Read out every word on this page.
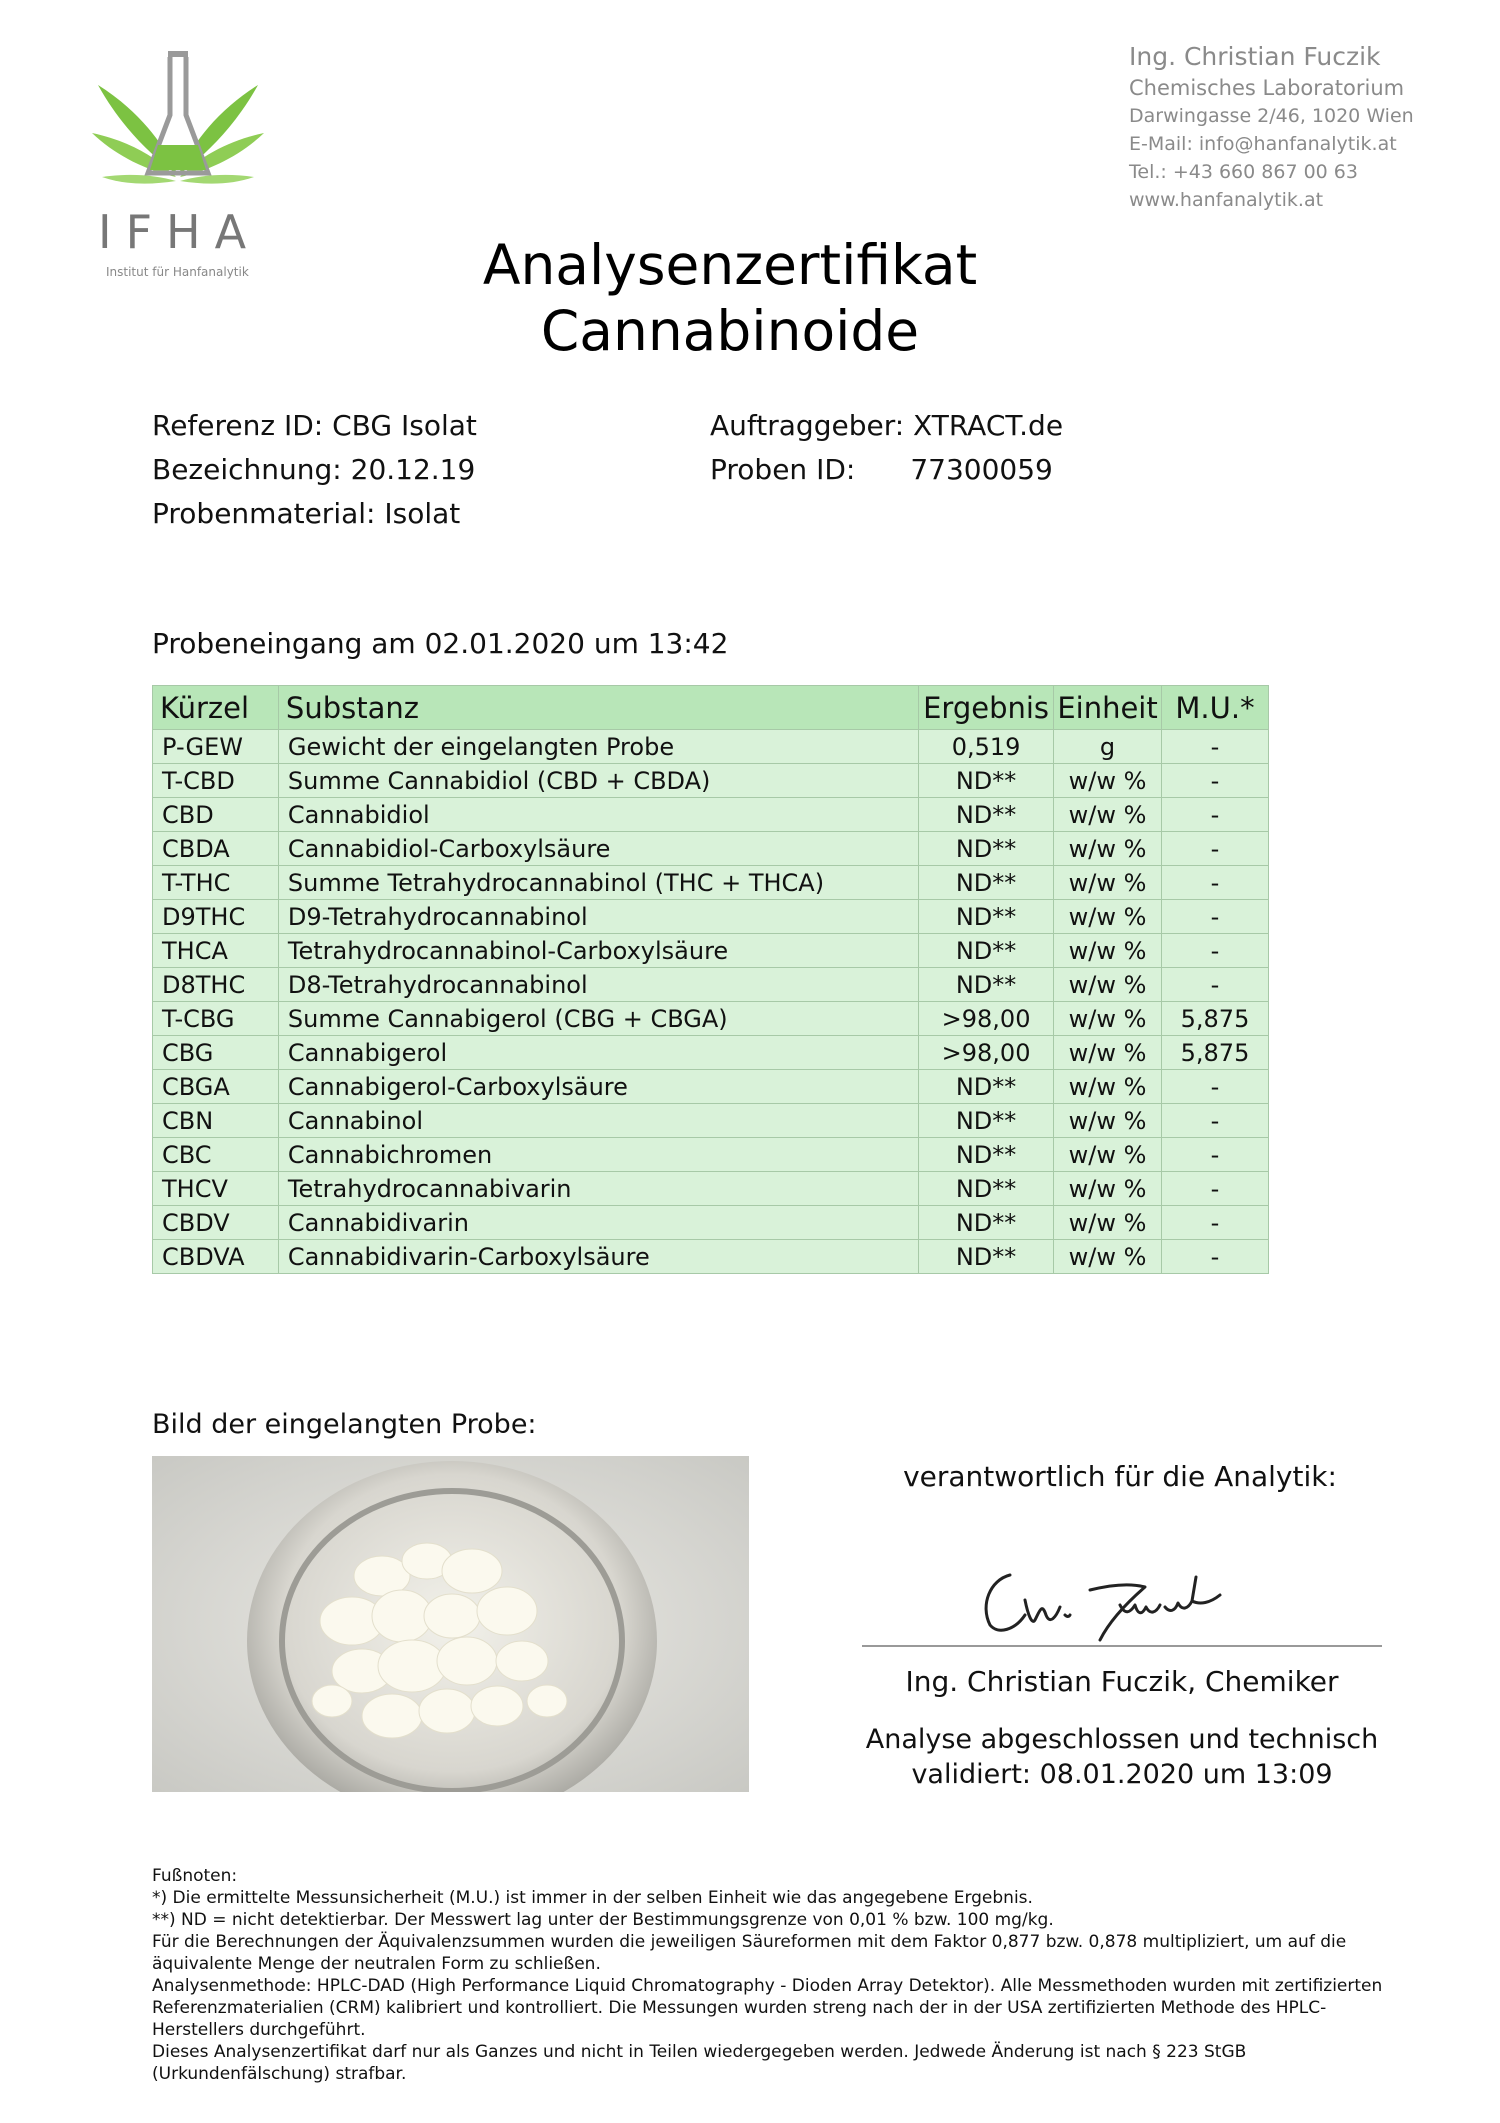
IFHA
Institut für Hanfanalytik
Ing. Christian Fuczik
Chemisches Laboratorium
Darwingasse 2/46, 1020 Wien
E-Mail: info@hanfanalytik.at
Tel.: +43 660 867 00 63
www.hanfanalytik.at
Analysenzertifikat
Cannabinoide
Referenz ID: CBG Isolat
Bezeichnung: 20.12.19
Probenmaterial: Isolat
Auftraggeber: XTRACT.de
Proben ID: 77300059
Probeneingang am 02.01.2020 um 13:42
Kürzel	Substanz	Ergebnis	Einheit	M.U.*
P-GEW	Gewicht der eingelangten Probe	0,519	g	-
T-CBD	Summe Cannabidiol (CBD + CBDA)	ND**	w/w %	-
CBD	Cannabidiol	ND**	w/w %	-
CBDA	Cannabidiol-Carboxylsäure	ND**	w/w %	-
T-THC	Summe Tetrahydrocannabinol (THC + THCA)	ND**	w/w %	-
D9THC	D9-Tetrahydrocannabinol	ND**	w/w %	-
THCA	Tetrahydrocannabinol-Carboxylsäure	ND**	w/w %	-
D8THC	D8-Tetrahydrocannabinol	ND**	w/w %	-
T-CBG	Summe Cannabigerol (CBG + CBGA)	>98,00	w/w %	5,875
CBG	Cannabigerol	>98,00	w/w %	5,875
CBGA	Cannabigerol-Carboxylsäure	ND**	w/w %	-
CBN	Cannabinol	ND**	w/w %	-
CBC	Cannabichromen	ND**	w/w %	-
THCV	Tetrahydrocannabivarin	ND**	w/w %	-
CBDV	Cannabidivarin	ND**	w/w %	-
CBDVA	Cannabidivarin-Carboxylsäure	ND**	w/w %	-
Bild der eingelangten Probe:
verantwortlich für die Analytik:
Ing. Christian Fuczik, Chemiker
Analyse abgeschlossen und technisch
validiert: 08.01.2020 um 13:09
Fußnoten:
*) Die ermittelte Messunsicherheit (M.U.) ist immer in der selben Einheit wie das angegebene Ergebnis.
**) ND = nicht detektierbar. Der Messwert lag unter der Bestimmungsgrenze von 0,01 % bzw. 100 mg/kg.
Für die Berechnungen der Äquivalenzsummen wurden die jeweiligen Säureformen mit dem Faktor 0,877 bzw. 0,878 multipliziert, um auf die äquivalente Menge der neutralen Form zu schließen.
Analysenmethode: HPLC-DAD (High Performance Liquid Chromatography - Dioden Array Detektor). Alle Messmethoden wurden mit zertifizierten Referenzmaterialien (CRM) kalibriert und kontrolliert. Die Messungen wurden streng nach der in der USA zertifizierten Methode des HPLC-Herstellers durchgeführt.
Dieses Analysenzertifikat darf nur als Ganzes und nicht in Teilen wiedergegeben werden. Jedwede Änderung ist nach § 223 StGB (Urkundenfälschung) strafbar.
